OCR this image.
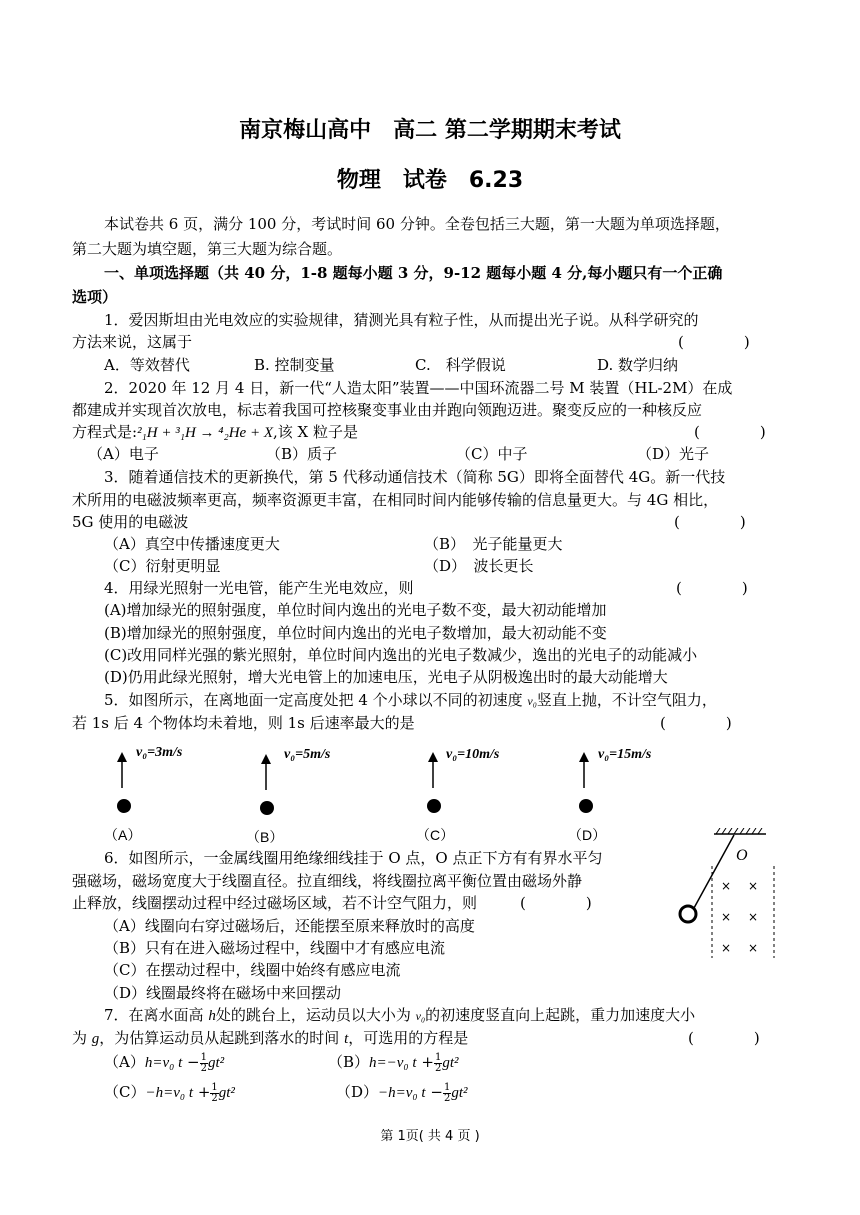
南京梅山高中　高二 第二学期期末考试
物理　试卷　6.23
本试卷共 6 页，满分 100 分，考试时间 60 分钟。全卷包括三大题，第一大题为单项选择题，
第二大题为填空题，第三大题为综合题。
一、单项选择题（共 40 分，1-8 题每小题 3 分，9-12 题每小题 4 分,每小题只有一个正确
选项）
1．爱因斯坦由光电效应的实验规律，猜测光具有粒子性，从而提出光子说。从科学研究的
方法来说，这属于	(　　　　)
A．等效替代	B. 控制变量	C.　科学假说	D. 数学归纳
2．2020 年 12 月 4 日，新一代“人造太阳”装置——中国环流器二号 M 装置（HL-2M）在成
都建成并实现首次放电，标志着我国可控核聚变事业由并跑向领跑迈进。聚变反应的一种核反应
方程式是:²₁H + ³₁H → ⁴₂He + X,该 X 粒子是	(　　　　)
（A）电子	（B）质子	（C）中子	（D）光子
3．随着通信技术的更新换代，第 5 代移动通信技术（简称 5G）即将全面替代 4G。新一代技
术所用的电磁波频率更高，频率资源更丰富，在相同时间内能够传输的信息量更大。与 4G 相比，
5G 使用的电磁波	(　　　　)
（A）真空中传播速度更大	（B）　光子能量更大
（C）衍射更明显	（D）　波长更长
4．用绿光照射一光电管，能产生光电效应，则	(　　　　)
(A)增加绿光的照射强度，单位时间内逸出的光电子数不变，最大初动能增加
(B)增加绿光的照射强度，单位时间内逸出的光电子数增加，最大初动能不变
(C)改用同样光强的紫光照射，单位时间内逸出的光电子数减少，逸出的光电子的动能减小
(D)仍用此绿光照射，增大光电管上的加速电压，光电子从阴极逸出时的最大动能增大
5．如图所示，在离地面一定高度处把 4 个小球以不同的初速度 v₀竖直上抛，不计空气阻力，
若 1s 后 4 个物体均未着地，则 1s 后速率最大的是	(　　　　)
v₀=3m/s
（A）
v₀=5m/s
（B）
v₀=10m/s
（C）
v₀=15m/s
（D）
6．如图所示，一金属线圈用绝缘细线挂于 O 点，O 点正下方有有界水平匀
强磁场，磁场宽度大于线圈直径。拉直细线，将线圈拉离平衡位置由磁场外静
止释放，线圈摆动过程中经过磁场区域，若不计空气阻力，则	(　　　　)
（A）线圈向右穿过磁场后，还能摆至原来释放时的高度
（B）只有在进入磁场过程中，线圈中才有感应电流
（C）在摆动过程中，线圈中始终有感应电流
（D）线圈最终将在磁场中来回摆动
O
× ×
× ×
× ×
7．在离水面高 h处的跳台上，运动员以大小为 v₀的初速度竖直向上起跳，重力加速度大小
为 g，为估算运动员从起跳到落水的时间 t，可选用的方程是	(　　　　)
（A）h=v₀ $t - \frac{1}{2} gt^2$	（B）h=−v₀ $t + \frac{1}{2} gt^2$
（C）−h=v₀ $t + \frac{1}{2} gt^2$	（D）−h=v₀ $t - \frac{1}{2} gt^2$
第 1页( 共 4 页 )
